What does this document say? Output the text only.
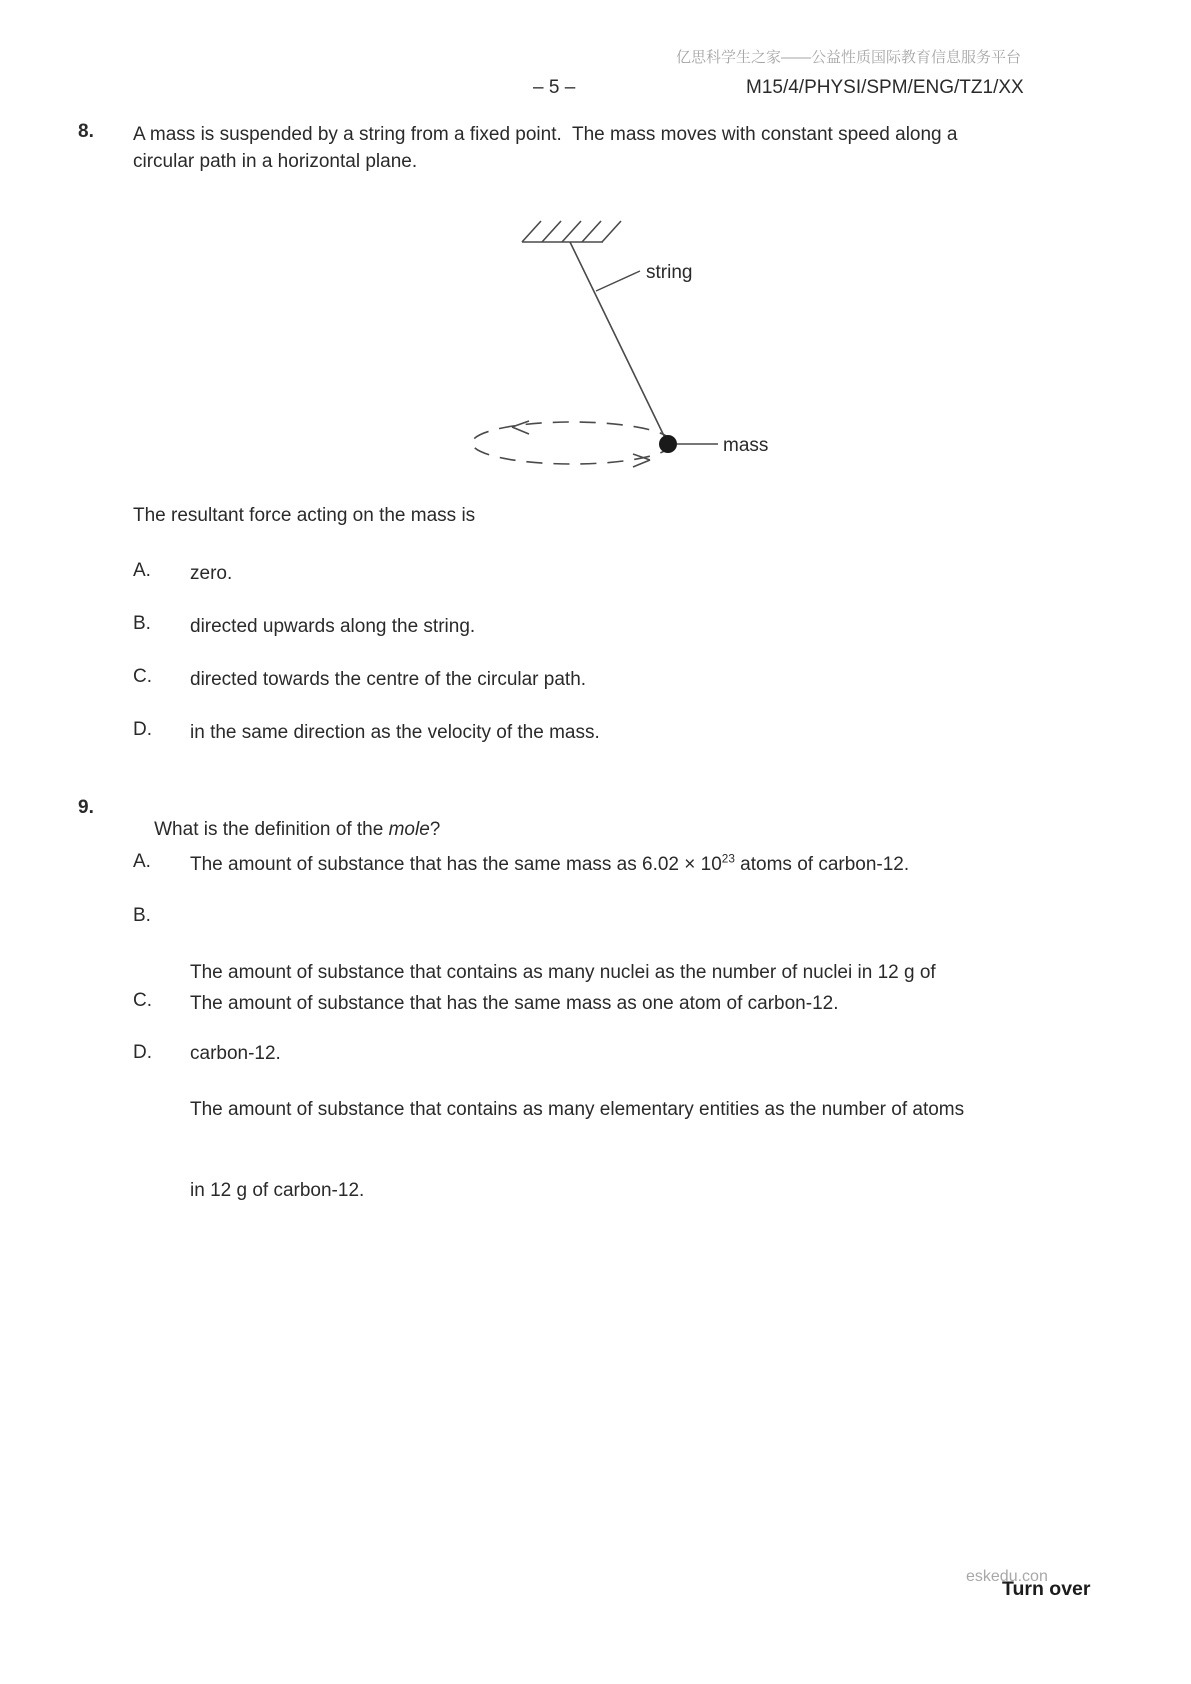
亿思科学生之家——公益性质国际教育信息服务平台
– 5 –	M15/4/PHYSI/SPM/ENG/TZ1/XX
8. A mass is suspended by a string from a fixed point.  The mass moves with constant speed along a
circular path in a horizontal plane.
string
mass
The resultant force acting on the mass is
A. zero.
B. directed upwards along the string.
C. directed towards the centre of the circular path.
D. in the same direction as the velocity of the mass.
9.

What is the definition of the mole?

A. The amount of substance that has the same mass as $6.02 \times 10^{23}$ atoms of carbon-12.
B.

The amount of substance that contains as many nuclei as the number of nuclei in 12 g of

carbon-12.

C. The amount of substance that has the same mass as one atom of carbon-12.
D.

The amount of substance that contains as many elementary entities as the number of atoms

in 12 g of carbon-12.

eskedu.con
Turn over
